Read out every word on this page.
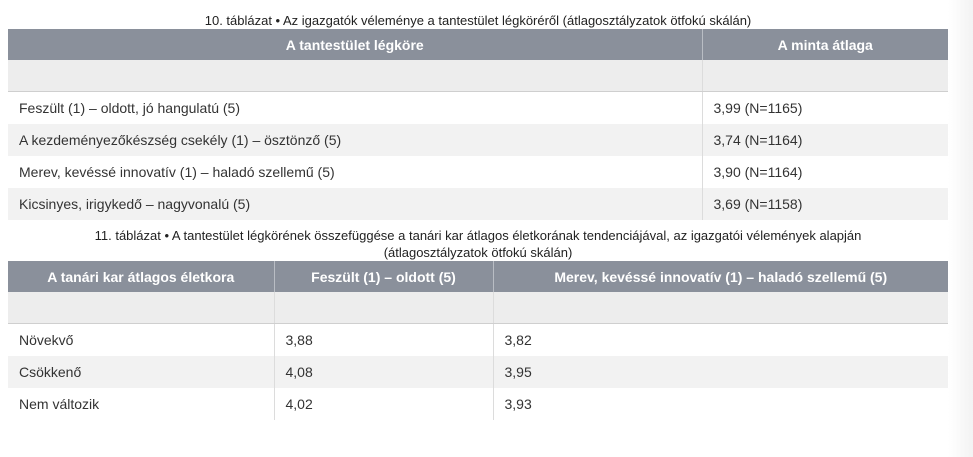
10. táblázat • Az igazgatók véleménye a tantestület légköréről (átlagosztályzatok ötfokú skálán)
A tantestület légköre	A minta átlaga

Feszült (1) – oldott, jó hangulatú (5)	3,99 (N=1165)
A kezdeményezőkészség csekély (1) – ösztönző (5)	3,74 (N=1164)
Merev, kevéssé innovatív (1) – haladó szellemű (5)	3,90 (N=1164)
Kicsinyes, irigykedő – nagyvonalú (5)	3,69 (N=1158)
11. táblázat • A tantestület légkörének összefüggése a tanári kar átlagos életkorának tendenciájával, az igazgatói vélemények alapján
(átlagosztályzatok ötfokú skálán)
A tanári kar átlagos életkora	Feszült (1) – oldott (5)	Merev, kevéssé innovatív (1) – haladó szellemű (5)

Növekvő	3,88	3,82
Csökkenő	4,08	3,95
Nem változik	4,02	3,93
